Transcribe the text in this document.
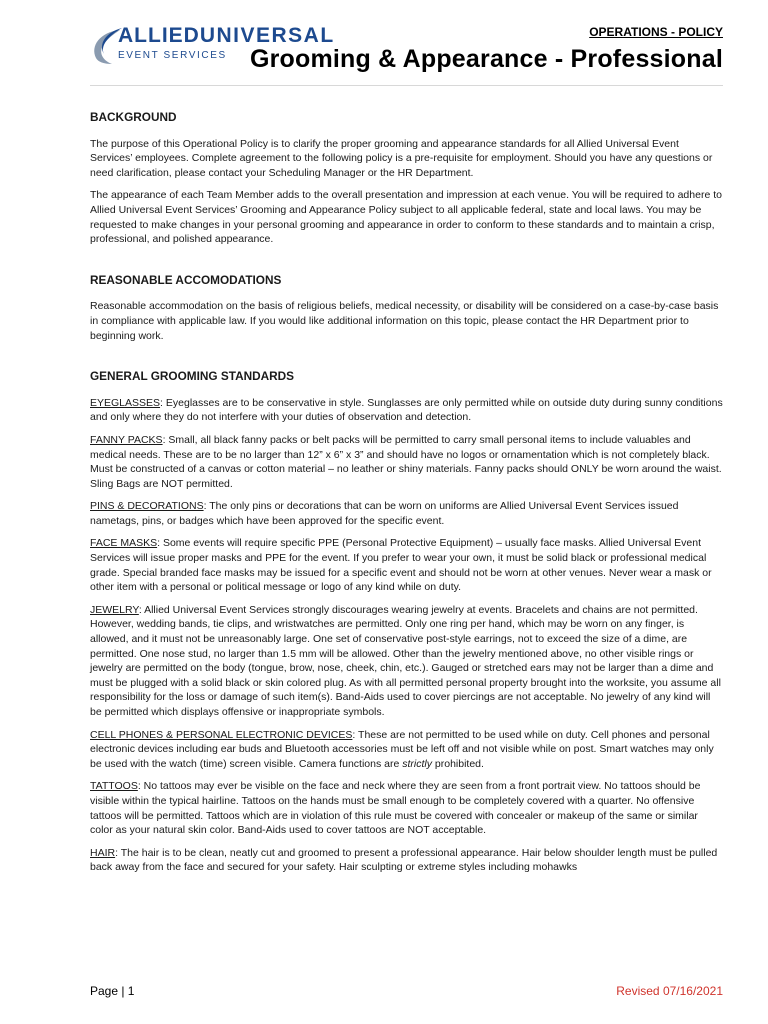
ALLIEDUNIVERSAL
EVENT SERVICES
OPERATIONS - POLICY
Grooming & Appearance - Professional
BACKGROUND

The purpose of this Operational Policy is to clarify the proper grooming and appearance standards for all Allied Universal Event Services’ employees. Complete agreement to the following policy is a pre-requisite for employment. Should you have any questions or need clarification, please contact your Scheduling Manager or the HR Department.

The appearance of each Team Member adds to the overall presentation and impression at each venue. You will be required to adhere to Allied Universal Event Services’ Grooming and Appearance Policy subject to all applicable federal, state and local laws. You may be requested to make changes in your personal grooming and appearance in order to conform to these standards and to maintain a crisp, professional, and polished appearance.

REASONABLE ACCOMODATIONS

Reasonable accommodation on the basis of religious beliefs, medical necessity, or disability will be considered on a case-by-case basis in compliance with applicable law. If you would like additional information on this topic, please contact the HR Department prior to beginning work.

GENERAL GROOMING STANDARDS

EYEGLASSES: Eyeglasses are to be conservative in style. Sunglasses are only permitted while on outside duty during sunny conditions and only where they do not interfere with your duties of observation and detection.

FANNY PACKS: Small, all black fanny packs or belt packs will be permitted to carry small personal items to include valuables and medical needs. These are to be no larger than 12” x 6” x 3” and should have no logos or ornamentation which is not completely black. Must be constructed of a canvas or cotton material – no leather or shiny materials. Fanny packs should ONLY be worn around the waist. Sling Bags are NOT permitted.

PINS & DECORATIONS: The only pins or decorations that can be worn on uniforms are Allied Universal Event Services issued nametags, pins, or badges which have been approved for the specific event.

FACE MASKS: Some events will require specific PPE (Personal Protective Equipment) – usually face masks. Allied Universal Event Services will issue proper masks and PPE for the event. If you prefer to wear your own, it must be solid black or professional medical grade. Special branded face masks may be issued for a specific event and should not be worn at other venues. Never wear a mask or other item with a personal or political message or logo of any kind while on duty.

JEWELRY: Allied Universal Event Services strongly discourages wearing jewelry at events. Bracelets and chains are not permitted. However, wedding bands, tie clips, and wristwatches are permitted. Only one ring per hand, which may be worn on any finger, is allowed, and it must not be unreasonably large. One set of conservative post-style earrings, not to exceed the size of a dime, are permitted. One nose stud, no larger than 1.5 mm will be allowed. Other than the jewelry mentioned above, no other visible rings or jewelry are permitted on the body (tongue, brow, nose, cheek, chin, etc.). Gauged or stretched ears may not be larger than a dime and must be plugged with a solid black or skin colored plug. As with all permitted personal property brought into the worksite, you assume all responsibility for the loss or damage of such item(s). Band-Aids used to cover piercings are not acceptable. No jewelry of any kind will be permitted which displays offensive or inappropriate symbols.

CELL PHONES & PERSONAL ELECTRONIC DEVICES: These are not permitted to be used while on duty. Cell phones and personal electronic devices including ear buds and Bluetooth accessories must be left off and not visible while on post. Smart watches may only be used with the watch (time) screen visible. Camera functions are strictly prohibited.

TATTOOS: No tattoos may ever be visible on the face and neck where they are seen from a front portrait view. No tattoos should be visible within the typical hairline. Tattoos on the hands must be small enough to be completely covered with a quarter. No offensive tattoos will be permitted. Tattoos which are in violation of this rule must be covered with concealer or makeup of the same or similar color as your natural skin color. Band-Aids used to cover tattoos are NOT acceptable.

HAIR: The hair is to be clean, neatly cut and groomed to present a professional appearance. Hair below shoulder length must be pulled back away from the face and secured for your safety. Hair sculpting or extreme styles including mohawks

Page | 1	Revised 07/16/2021
